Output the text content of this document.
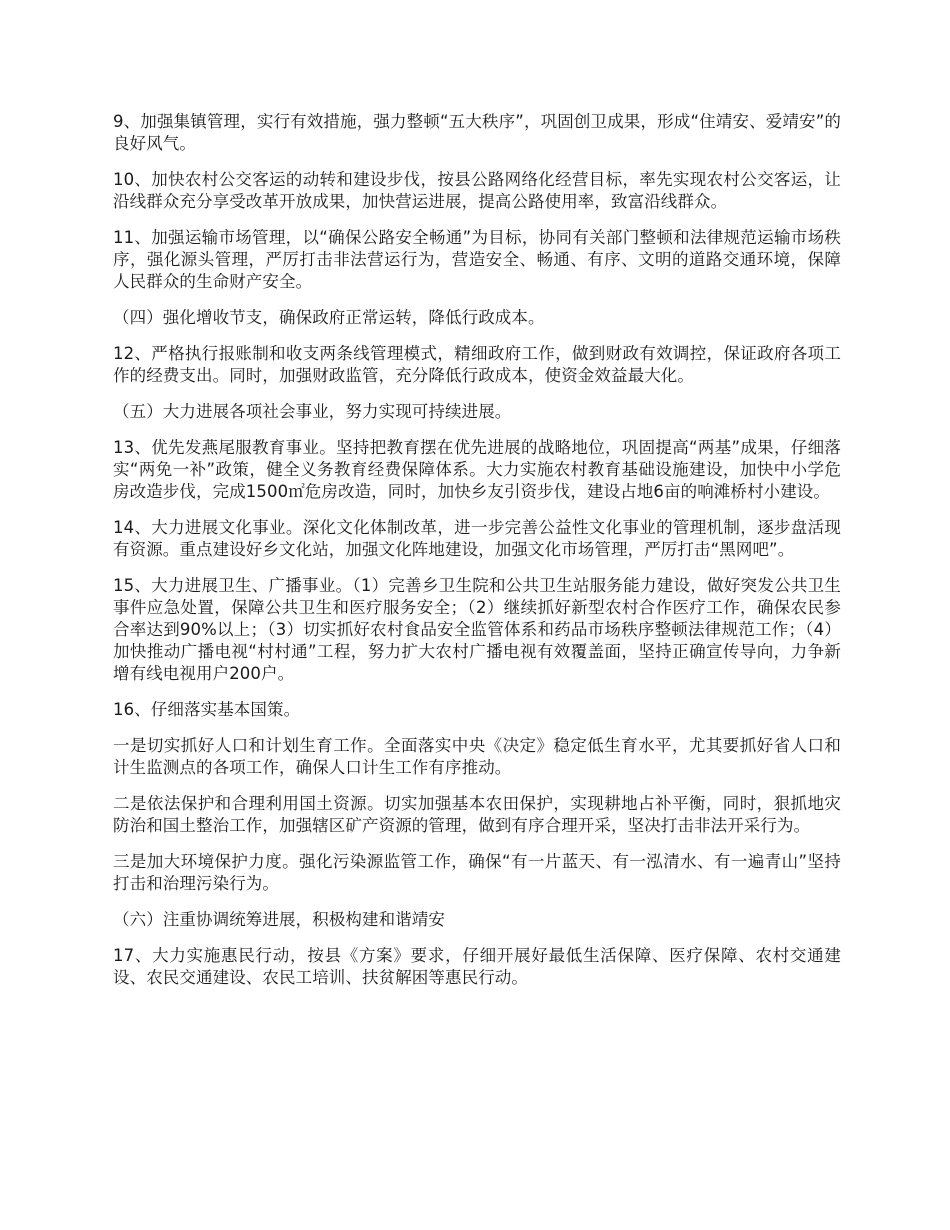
9、加强集镇管理，实行有效措施，强力整顿“五大秩序”，巩固创卫成果，形成“住靖安、爱靖安”的良好风气。

10、加快农村公交客运的动转和建设步伐，按县公路网络化经营目标，率先实现农村公交客运，让沿线群众充分享受改革开放成果，加快营运进展，提高公路使用率，致富沿线群众。

11、加强运输市场管理，以“确保公路安全畅通”为目标，协同有关部门整顿和法律规范运输市场秩序，强化源头管理，严厉打击非法营运行为，营造安全、畅通、有序、文明的道路交通环境，保障人民群众的生命财产安全。

（四）强化增收节支，确保政府正常运转，降低行政成本。

12、严格执行报账制和收支两条线管理模式，精细政府工作，做到财政有效调控，保证政府各项工作的经费支出。同时，加强财政监管，充分降低行政成本，使资金效益最大化。

（五）大力进展各项社会事业，努力实现可持续进展。

13、优先发燕尾服教育事业。坚持把教育摆在优先进展的战略地位，巩固提高“两基”成果，仔细落实“两免一补”政策，健全义务教育经费保障体系。大力实施农村教育基础设施建设，加快中小学危房改造步伐，完成1500㎡危房改造，同时，加快乡友引资步伐，建设占地6亩的响滩桥村小建设。

14、大力进展文化事业。深化文化体制改革，进一步完善公益性文化事业的管理机制，逐步盘活现有资源。重点建设好乡文化站，加强文化阵地建设，加强文化市场管理，严厉打击“黑网吧”。

15、大力进展卫生、广播事业。（1）完善乡卫生院和公共卫生站服务能力建设，做好突发公共卫生事件应急处置，保障公共卫生和医疗服务安全；（2）继续抓好新型农村合作医疗工作，确保农民参合率达到90%以上；（3）切实抓好农村食品安全监管体系和药品市场秩序整顿法律规范工作；（4）加快推动广播电视“村村通”工程，努力扩大农村广播电视有效覆盖面，坚持正确宣传导向，力争新增有线电视用户200户。

16、仔细落实基本国策。

一是切实抓好人口和计划生育工作。全面落实中央《决定》稳定低生育水平，尤其要抓好省人口和计生监测点的各项工作，确保人口计生工作有序推动。

二是依法保护和合理利用国土资源。切实加强基本农田保护，实现耕地占补平衡，同时，狠抓地灾防治和国土整治工作，加强辖区矿产资源的管理，做到有序合理开采，坚决打击非法开采行为。

三是加大环境保护力度。强化污染源监管工作，确保“有一片蓝天、有一泓清水、有一遍青山”坚持打击和治理污染行为。

（六）注重协调统筹进展，积极构建和谐靖安

17、大力实施惠民行动，按县《方案》要求，仔细开展好最低生活保障、医疗保障、农村交通建设、农民交通建设、农民工培训、扶贫解困等惠民行动。
